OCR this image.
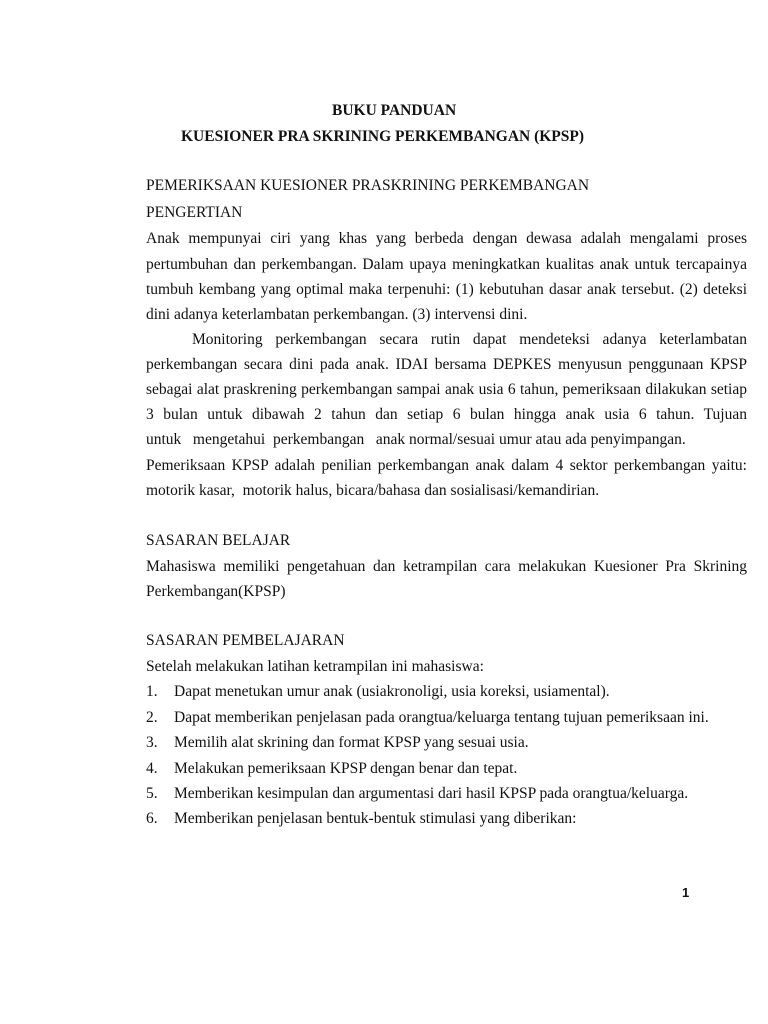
BUKU PANDUAN
KUESIONER PRA SKRINING PERKEMBANGAN (KPSP)
PEMERIKSAAN KUESIONER PRASKRINING PERKEMBANGAN
PENGERTIAN
Anak mempunyai ciri yang khas yang berbeda dengan dewasa adalah mengalami proses
pertumbuhan dan perkembangan. Dalam upaya meningkatkan kualitas anak untuk tercapainya
tumbuh kembang yang optimal maka terpenuhi: (1) kebutuhan dasar anak tersebut. (2) deteksi
dini adanya keterlambatan perkembangan. (3) intervensi dini.
Monitoring perkembangan secara rutin dapat mendeteksi adanya keterlambatan
perkembangan secara dini pada anak. IDAI bersama DEPKES menyusun penggunaan KPSP
sebagai alat praskrening perkembangan sampai anak usia 6 tahun, pemeriksaan dilakukan setiap
3 bulan untuk dibawah 2 tahun dan setiap 6 bulan hingga anak usia 6 tahun. Tujuan
untuk   mengetahui  perkembangan   anak normal/sesuai umur atau ada penyimpangan.
Pemeriksaan KPSP adalah penilian perkembangan anak dalam 4 sektor perkembangan yaitu:
motorik kasar,  motorik halus, bicara/bahasa dan sosialisasi/kemandirian.
SASARAN BELAJAR
Mahasiswa memiliki pengetahuan dan ketrampilan cara melakukan Kuesioner Pra Skrining
Perkembangan(KPSP)
SASARAN PEMBELAJARAN
Setelah melakukan latihan ketrampilan ini mahasiswa:
1. Dapat menetukan umur anak (usiakronoligi, usia koreksi, usiamental).
2. Dapat memberikan penjelasan pada orangtua/keluarga tentang tujuan pemeriksaan ini.
3. Memilih alat skrining dan format KPSP yang sesuai usia.
4. Melakukan pemeriksaan KPSP dengan benar dan tepat.
5. Memberikan kesimpulan dan argumentasi dari hasil KPSP pada orangtua/keluarga.
6. Memberikan penjelasan bentuk-bentuk stimulasi yang diberikan:
1
